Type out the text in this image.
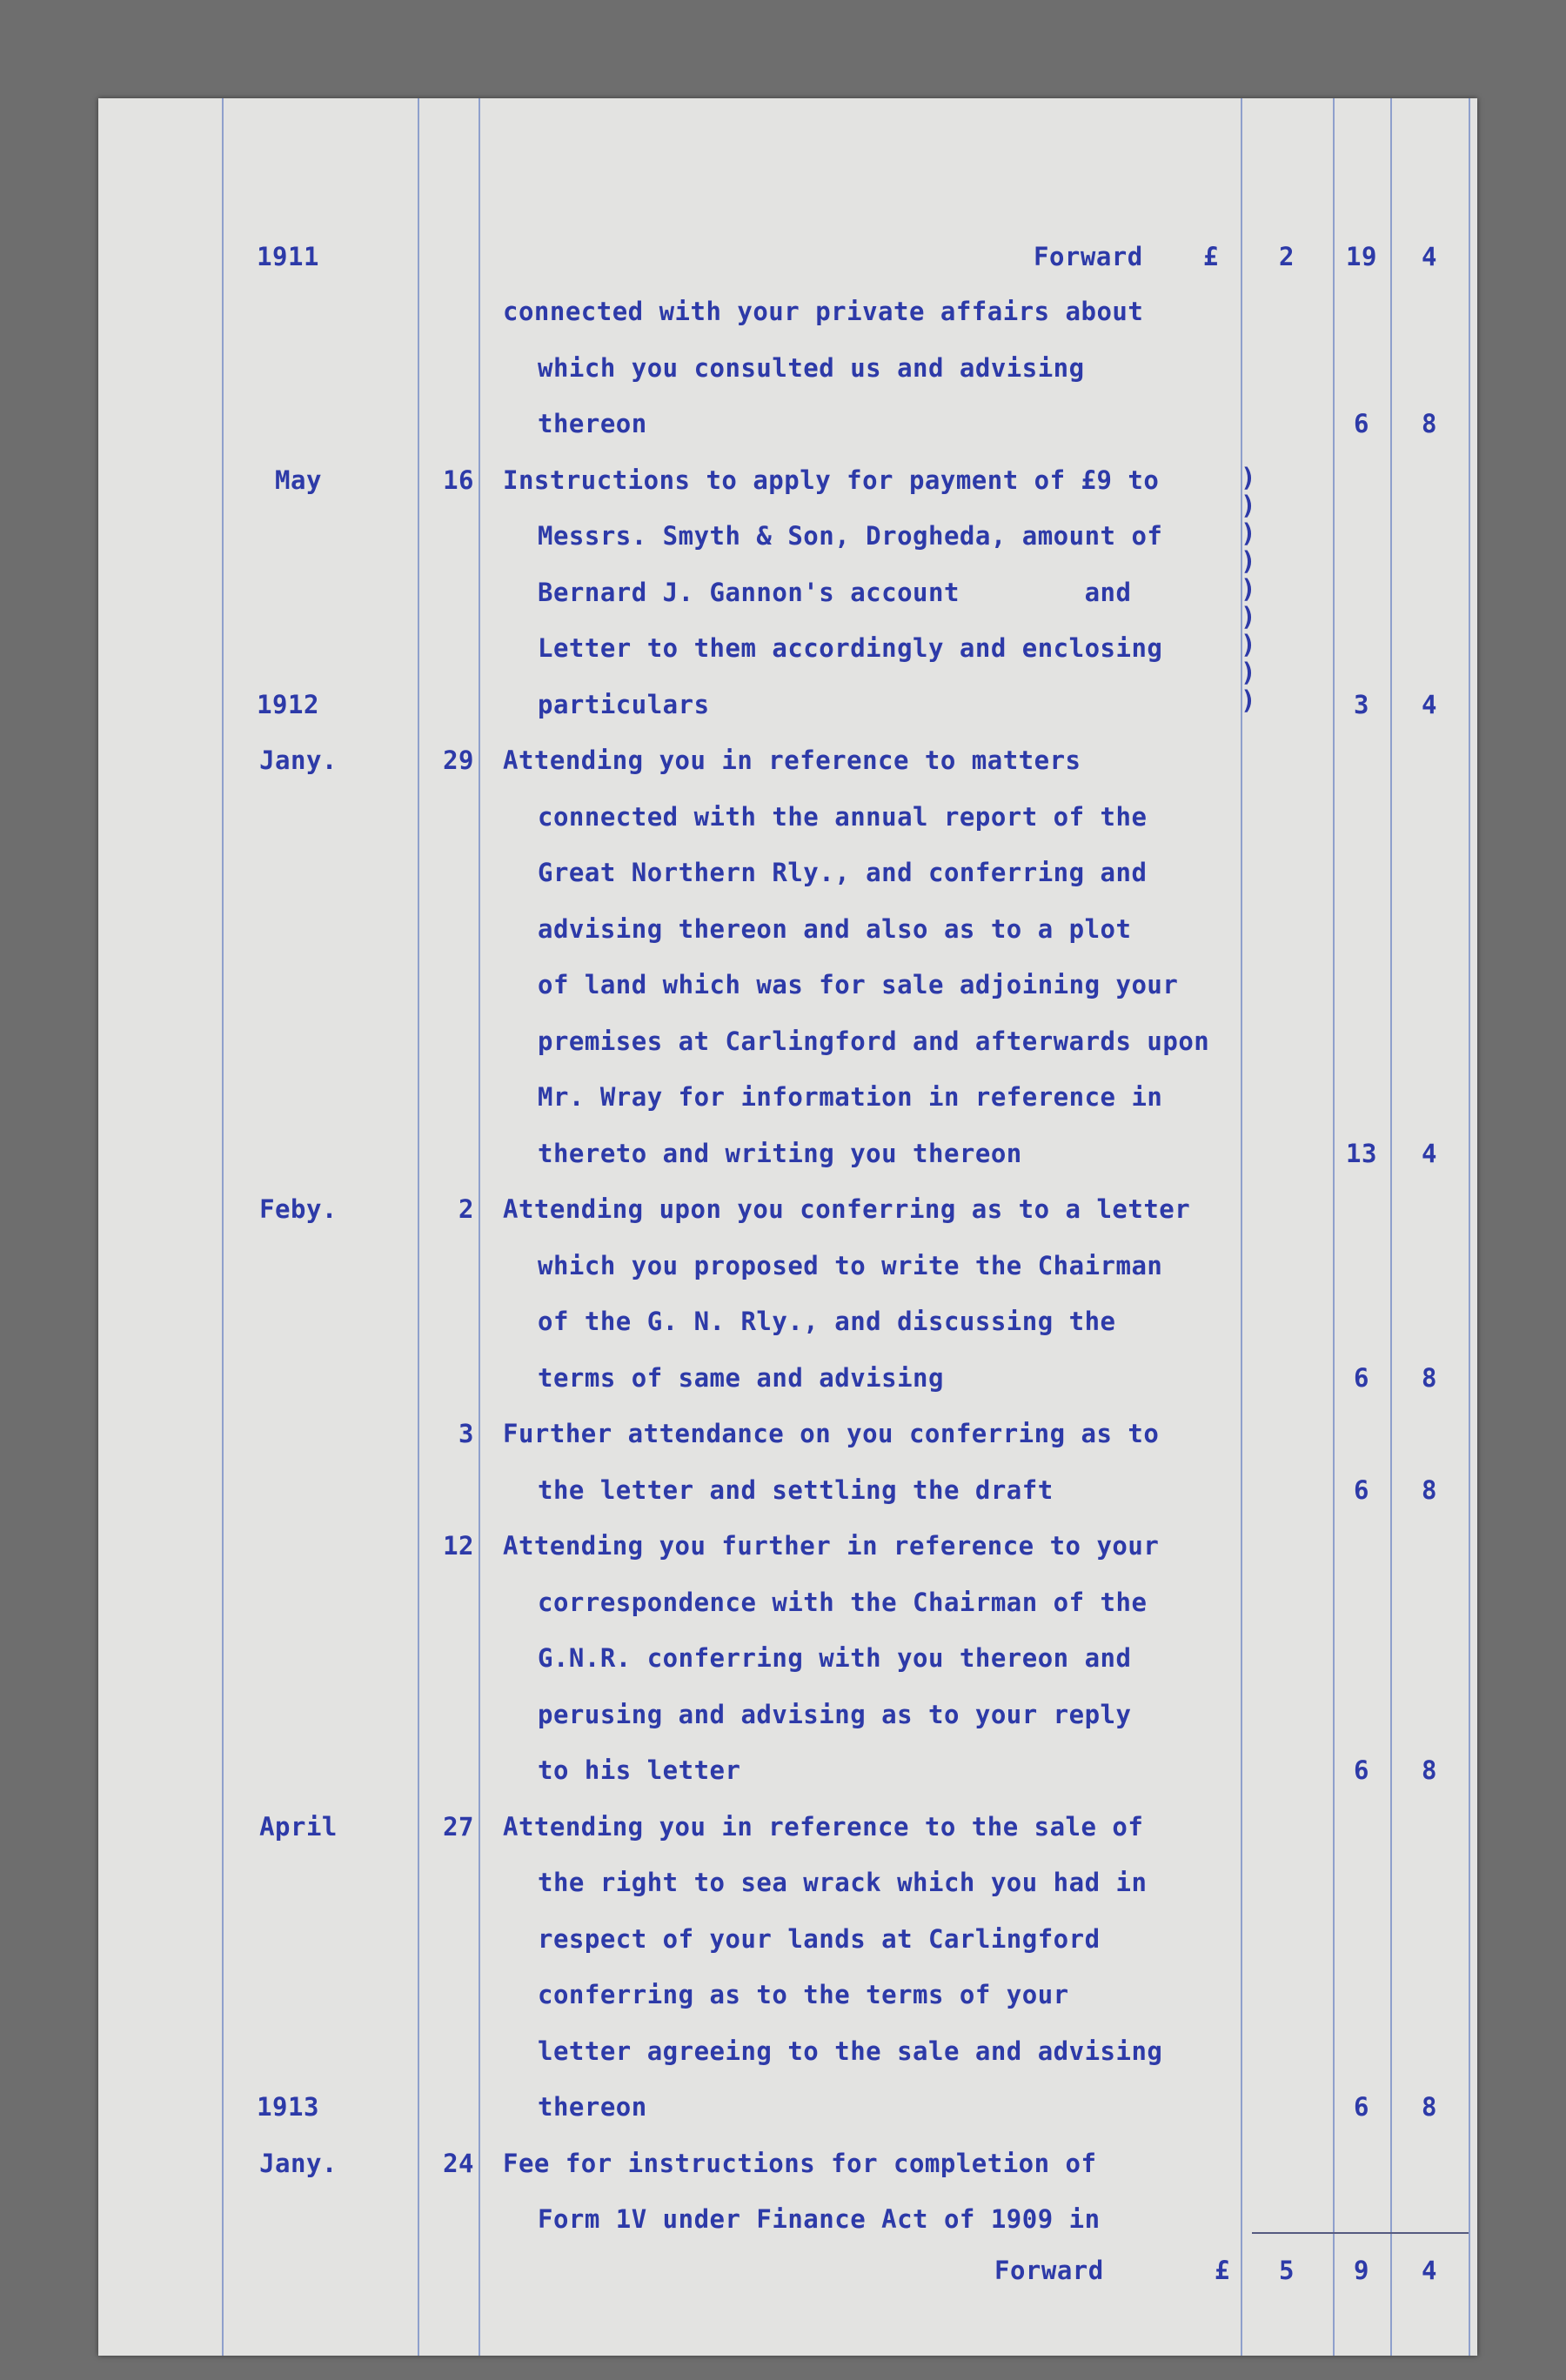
1911	Forward £	2	19	4
connected with your private affairs about
which you consulted us and advising
thereon	6	8
May	16 Instructions to apply for payment of £9 to
Messrs. Smyth & Son, Drogheda, amount of
Bernard J. Gannon's account        and
Letter to them accordingly and enclosing
particulars	3	4
1912
Jany.	29 Attending you in reference to matters
connected with the annual report of the
Great Northern Rly., and conferring and
advising thereon and also as to a plot
of land which was for sale adjoining your
premises at Carlingford and afterwards upon
Mr. Wray for information in reference in
thereto and writing you thereon	13	4
Feby.	2 Attending upon you conferring as to a letter
which you proposed to write the Chairman
of the G. N. Rly., and discussing the
terms of same and advising	6	8
3 Further attendance on you conferring as to
the letter and settling the draft	6	8
12 Attending you further in reference to your
correspondence with the Chairman of the
G.N.R. conferring with you thereon and
perusing and advising as to your reply
to his letter	6	8
April	27 Attending you in reference to the sale of
the right to sea wrack which you had in
respect of your lands at Carlingford
conferring as to the terms of your
letter agreeing to the sale and advising
thereon	6	8
1913
Jany.	24 Fee for instructions for completion of
Form 1V under Finance Act of 1909 in
)
)
)
)
)
)
)
)
)
Forward	£	5	9	4
